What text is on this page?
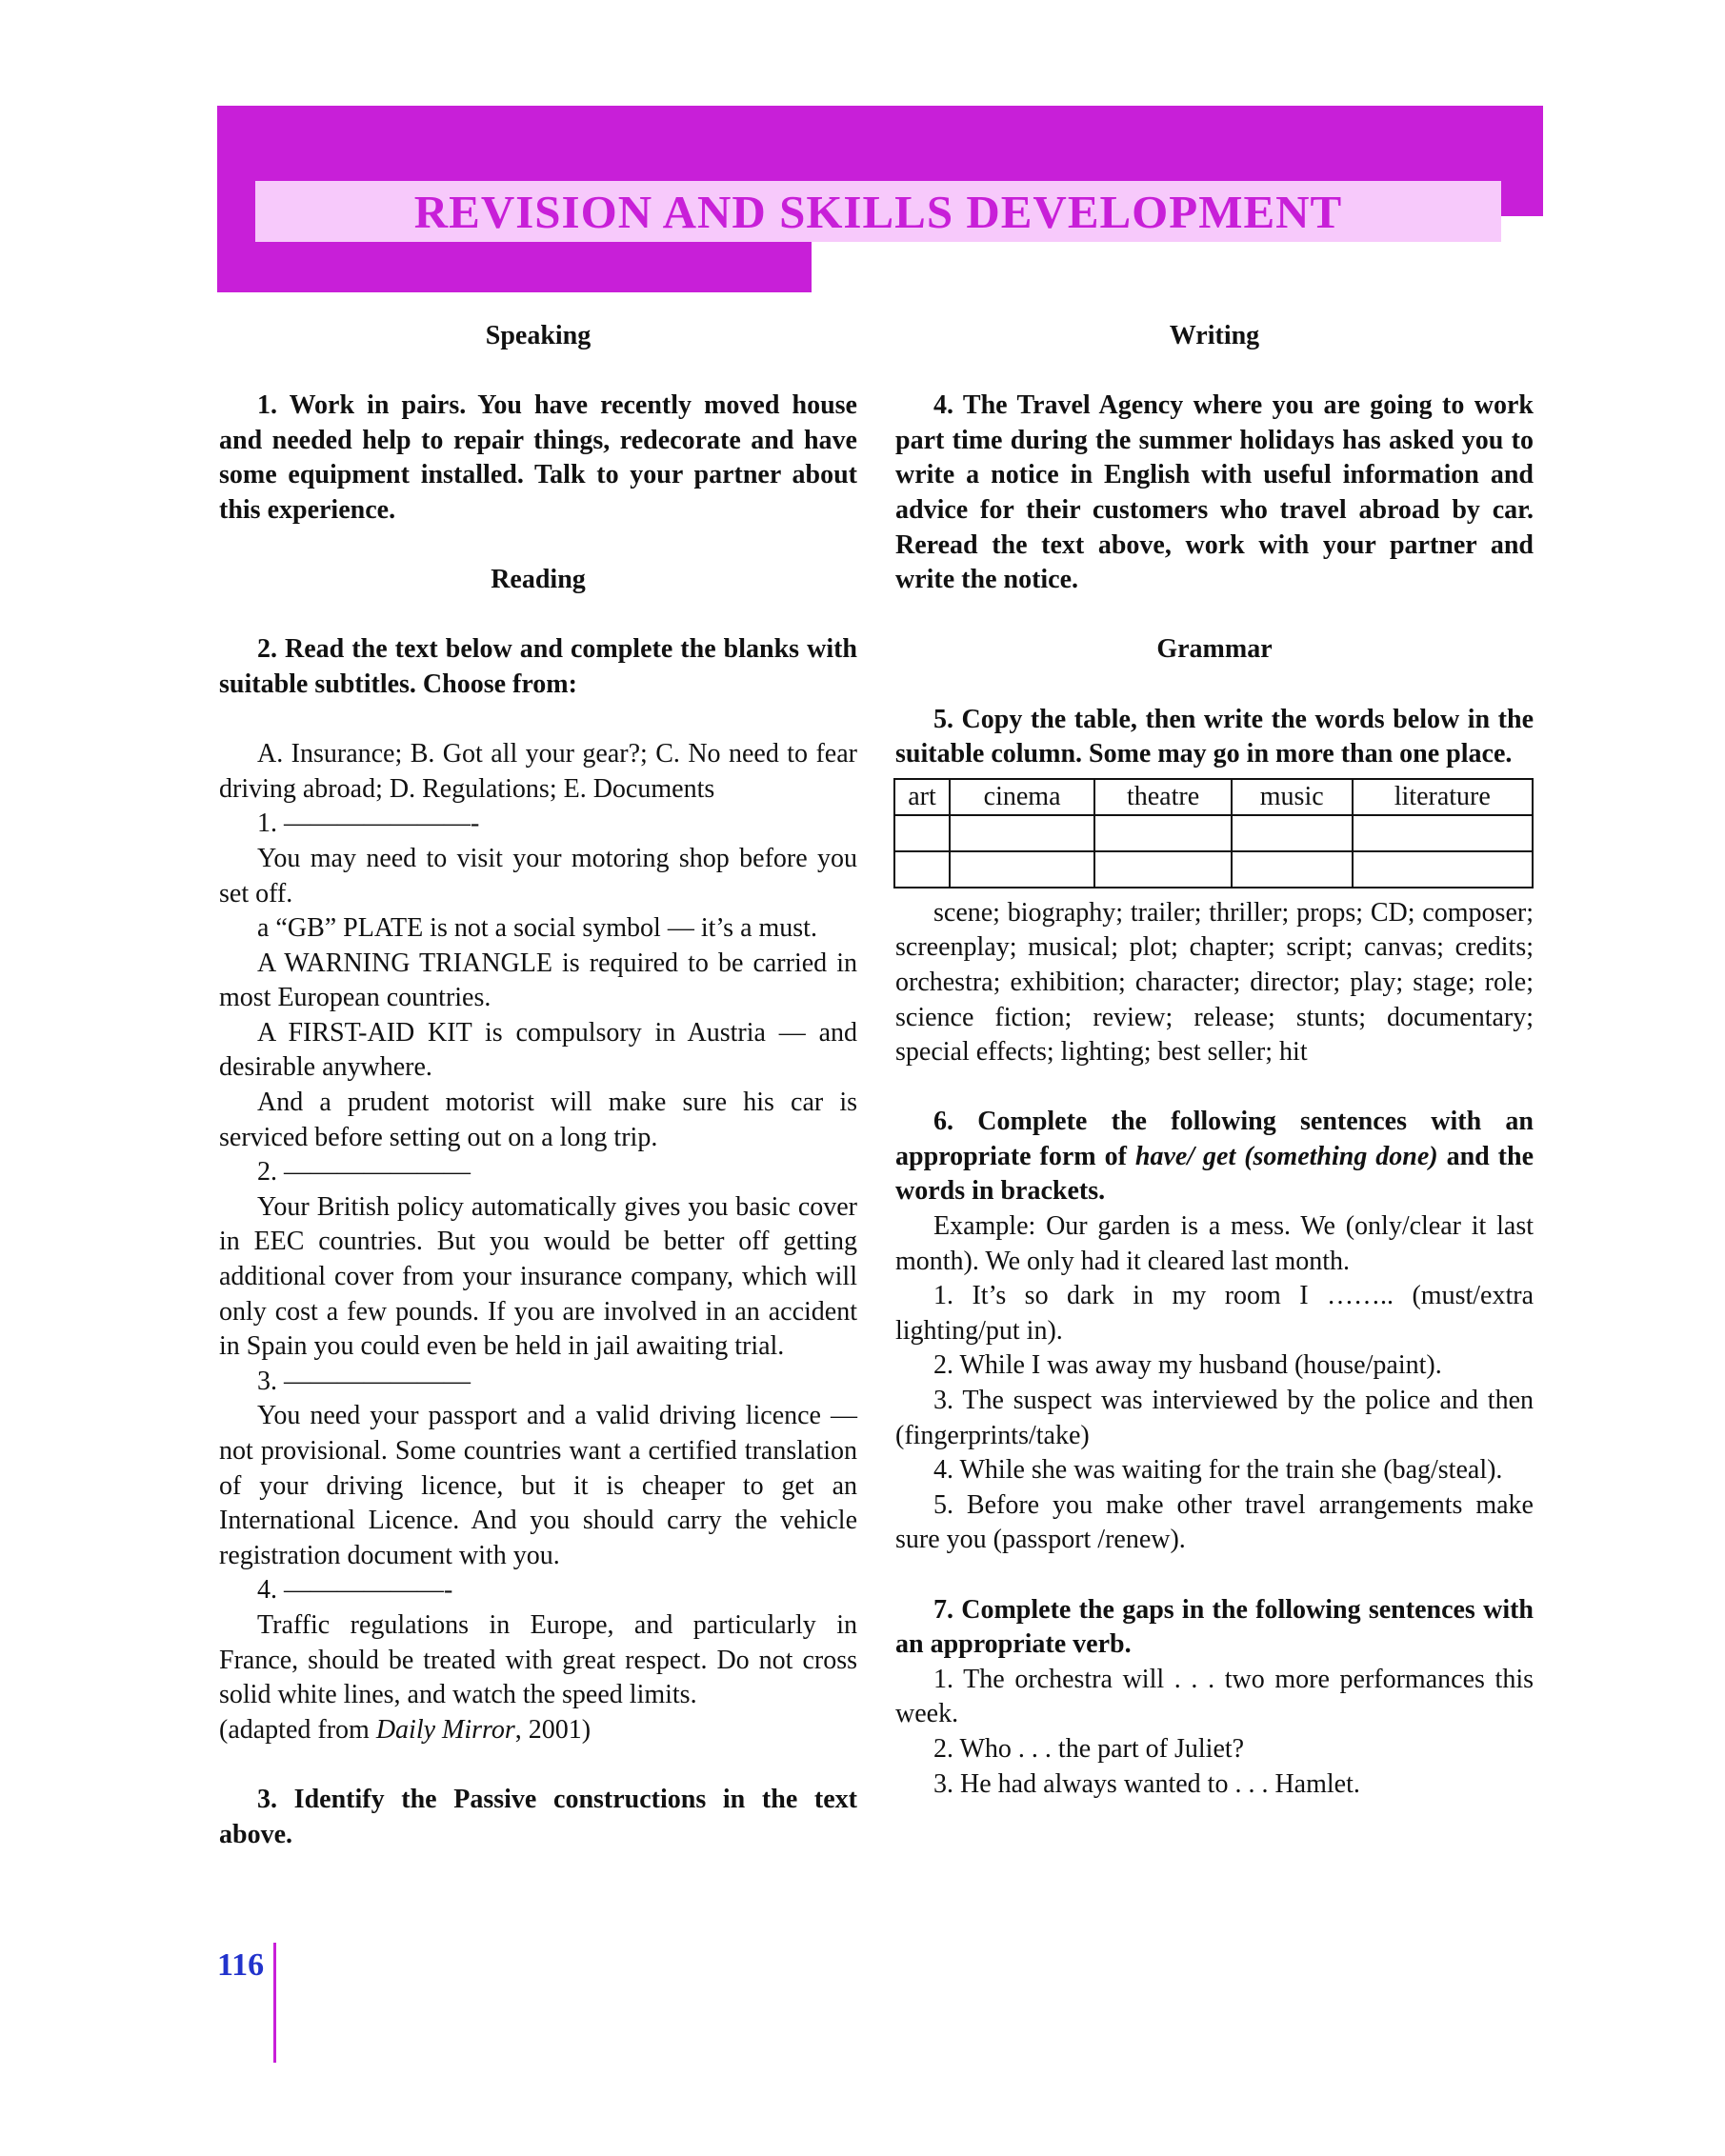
REVISION AND SKILLS DEVELOPMENT
Speaking

1. Work in pairs. You have recently moved house and needed help to repair things, redecorate and have some equipment installed. Talk to your partner about this experience.

Reading

2. Read the text below and complete the blanks with suitable subtitles. Choose from:

A. Insurance; B. Got all your gear?; C. No need to fear driving abroad; D. Regulations; E. Documents

1. ———————-

You may need to visit your motoring shop before you set off.

a “GB” PLATE is not a social symbol — it’s a must.

A WARNING TRIANGLE is required to be carried in most European countries.

A FIRST-AID KIT is compulsory in Austria — and desirable anywhere.

And a prudent motorist will make sure his car is serviced before setting out on a long trip.

2. ———————

Your British policy automatically gives you basic cover in EEC countries. But you would be better off getting additional cover from your insurance company, which will only cost a few pounds. If you are involved in an accident in Spain you could even be held in jail awaiting trial.

3. ———————

You need your passport and a valid driving licence — not provisional. Some countries want a certified translation of your driving licence, but it is cheaper to get an International Licence. And you should carry the vehicle registration document with you.

4. ——————-

Traffic regulations in Europe, and particularly in France, should be treated with great respect. Do not cross solid white lines, and watch the speed limits.

(adapted from Daily Mirror, 2001)

3. Identify the Passive constructions in the text above.

Writing

4. The Travel Agency where you are going to work part time during the summer holidays has asked you to write a notice in English with useful information and advice for their customers who travel abroad by car. Reread the text above, work with your partner and write the notice.

Grammar

5. Copy the table, then write the words below in the suitable column. Some may go in more than one place.

art	cinema	theatre	music	literature

scene; biography; trailer; thriller; props; CD; composer; screenplay; musical; plot; chapter; script; canvas; credits; orchestra; exhibition; character; director; play; stage; role; science fiction; review; release; stunts; documentary; special effects; lighting; best seller; hit

6. Complete the following sentences with an appropriate form of have/ get (something done) and the words in brackets.

Example: Our garden is a mess. We (only/clear it last month). We only had it cleared last month.

1. It’s so dark in my room I …….. (must/extra lighting/put in).

2. While I was away my husband (house/paint).

3. The suspect was interviewed by the police and then (fingerprints/take)

4. While she was waiting for the train she (bag/steal).

5. Before you make other travel arrangements make sure you (passport /renew).

7. Complete the gaps in the following sentences with an appropriate verb.

1. The orchestra will . . . two more performances this week.

2. Who . . . the part of Juliet?

3. He had always wanted to . . . Hamlet.

116
